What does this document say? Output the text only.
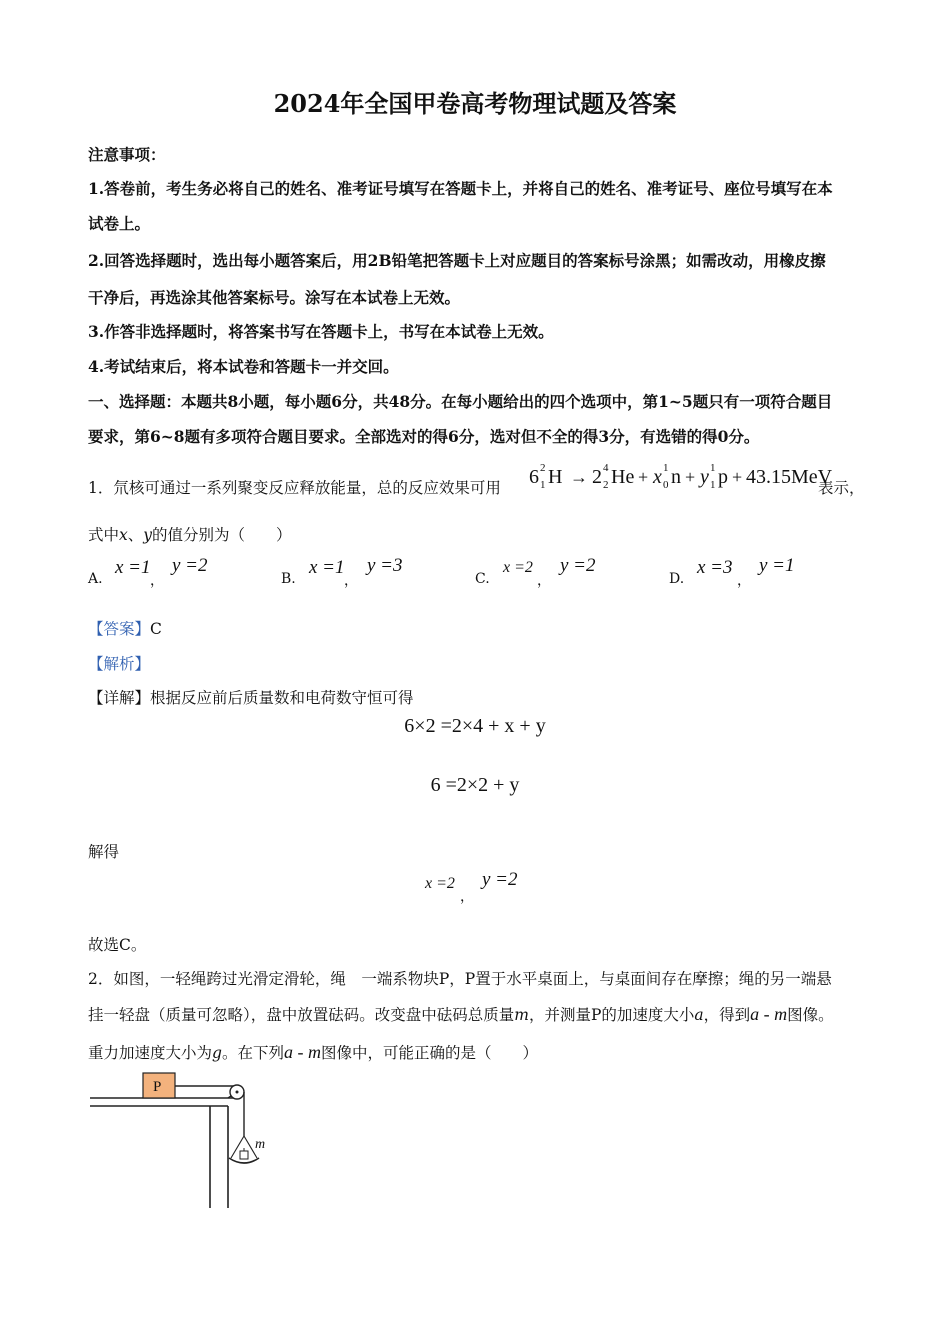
2024年全国甲卷高考物理试题及答案
注意事项：
1.答卷前，考生务必将自己的姓名、准考证号填写在答题卡上，并将自己的姓名、准考证号、座位号填写在本
试卷上。
2.回答选择题时，选出每小题答案后，用2B铅笔把答题卡上对应题目的答案标号涂黑；如需改动，用橡皮擦
干净后，再选涂其他答案标号。涂写在本试卷上无效。
3.作答非选择题时，将答案书写在答题卡上，书写在本试卷上无效。
4.考试结束后，将本试卷和答题卡一并交回。
一、选择题：本题共8小题，每小题6分，共48分。在每小题给出的四个选项中，第1~5题只有一项符合题目
要求，第6~8题有多项符合题目要求。全部选对的得6分，选对但不全的得3分，有选错的得0分。
1．氘核可通过一系列聚变反应释放能量，总的反应效果可用 6 2
1 H → 2 4
2 He + x 1
0 n + y 1
1 p + 43.15MeV
表示，
式中x、y的值分别为（　　）
A.
x =1
，
y =2
B.
x =1
，
y =3
C.
x =2
，
y =2
D.
x =3
，
y =1
【答案】C
【解析】
【详解】根据反应前后质量数和电荷数守恒可得
6×2 =2×4 + x + y
6 =2×2 + y
解得
x =2
，
y =2
故选C。
2．如图，一轻绳跨过光滑定滑轮，绳　一端系物块P，P置于水平桌面上，与桌面间存在摩擦；绳的另一端悬
挂一轻盘（质量可忽略），盘中放置砝码。改变盘中砝码总质量m，并测量P的加速度大小a，得到a - m图像。
重力加速度大小为g。在下列a - m图像中，可能正确的是（　　）
P
m
